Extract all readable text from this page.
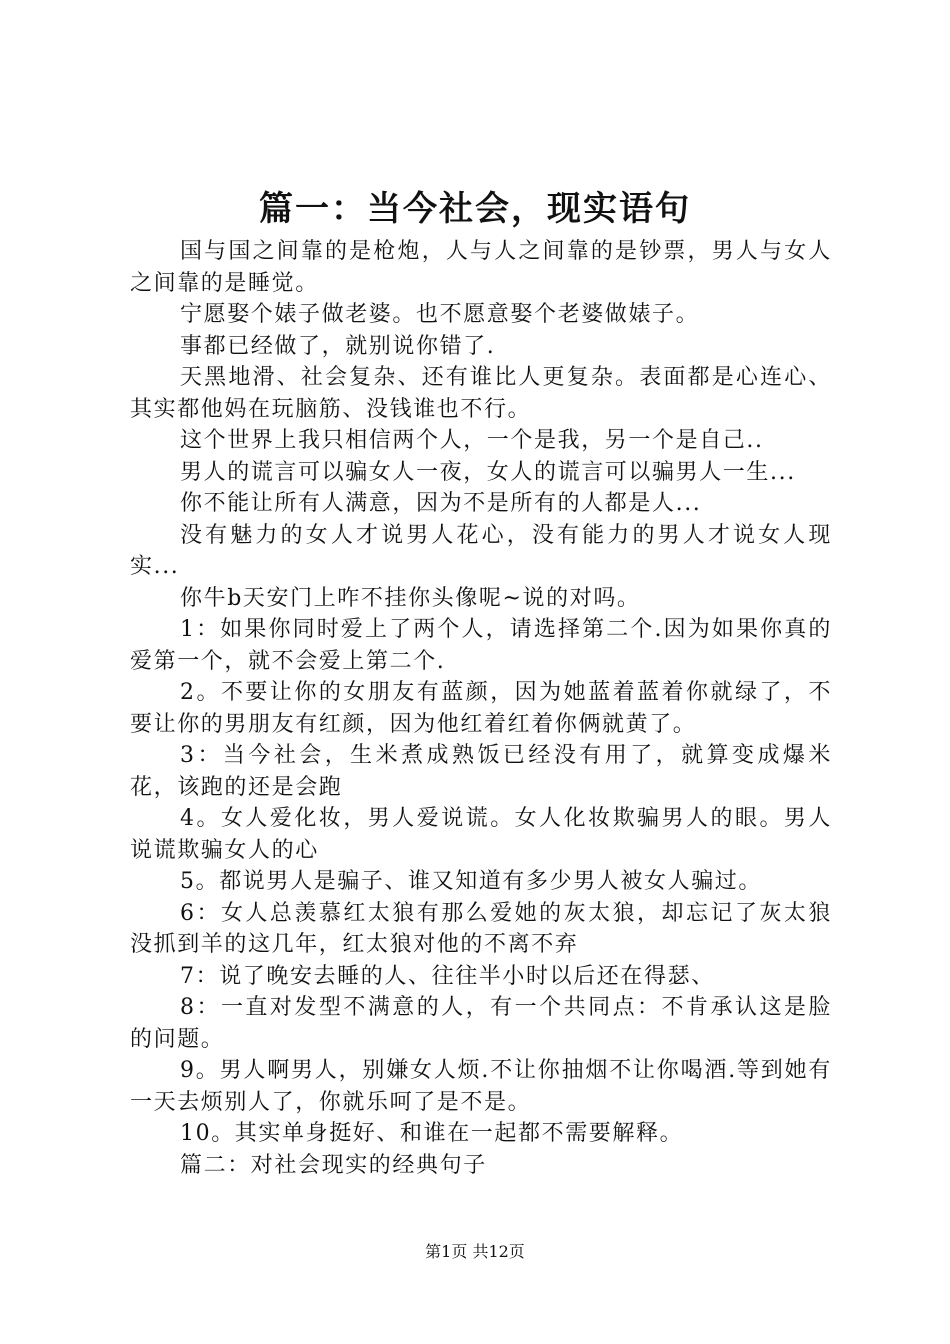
篇一：当今社会，现实语句

国与国之间靠的是枪炮，人与人之间靠的是钞票，男人与女人之间靠的是睡觉。

宁愿娶个婊子做老婆。也不愿意娶个老婆做婊子。

事都已经做了，就别说你错了.

天黑地滑、社会复杂、还有谁比人更复杂。表面都是心连心、其实都他妈在玩脑筋、没钱谁也不行。

这个世界上我只相信两个人，一个是我，另一个是自己..

男人的谎言可以骗女人一夜，女人的谎言可以骗男人一生...

你不能让所有人满意，因为不是所有的人都是人...

没有魅力的女人才说男人花心，没有能力的男人才说女人现实...

你牛b天安门上咋不挂你头像呢~说的对吗。

1：如果你同时爱上了两个人，请选择第二个.因为如果你真的爱第一个，就不会爱上第二个.

2。不要让你的女朋友有蓝颜，因为她蓝着蓝着你就绿了，不要让你的男朋友有红颜，因为他红着红着你俩就黄了。

3：当今社会，生米煮成熟饭已经没有用了，就算变成爆米花，该跑的还是会跑

4。女人爱化妆，男人爱说谎。女人化妆欺骗男人的眼。男人说谎欺骗女人的心

5。都说男人是骗子、谁又知道有多少男人被女人骗过。

6：女人总羡慕红太狼有那么爱她的灰太狼，却忘记了灰太狼没抓到羊的这几年，红太狼对他的不离不弃

7：说了晚安去睡的人、往往半小时以后还在得瑟、

8：一直对发型不满意的人，有一个共同点：不肯承认这是脸的问题。

9。男人啊男人，别嫌女人烦.不让你抽烟不让你喝酒.等到她有一天去烦别人了，你就乐呵了是不是。

10。其实单身挺好、和谁在一起都不需要解释。

篇二：对社会现实的经典句子

第1页 共12页
